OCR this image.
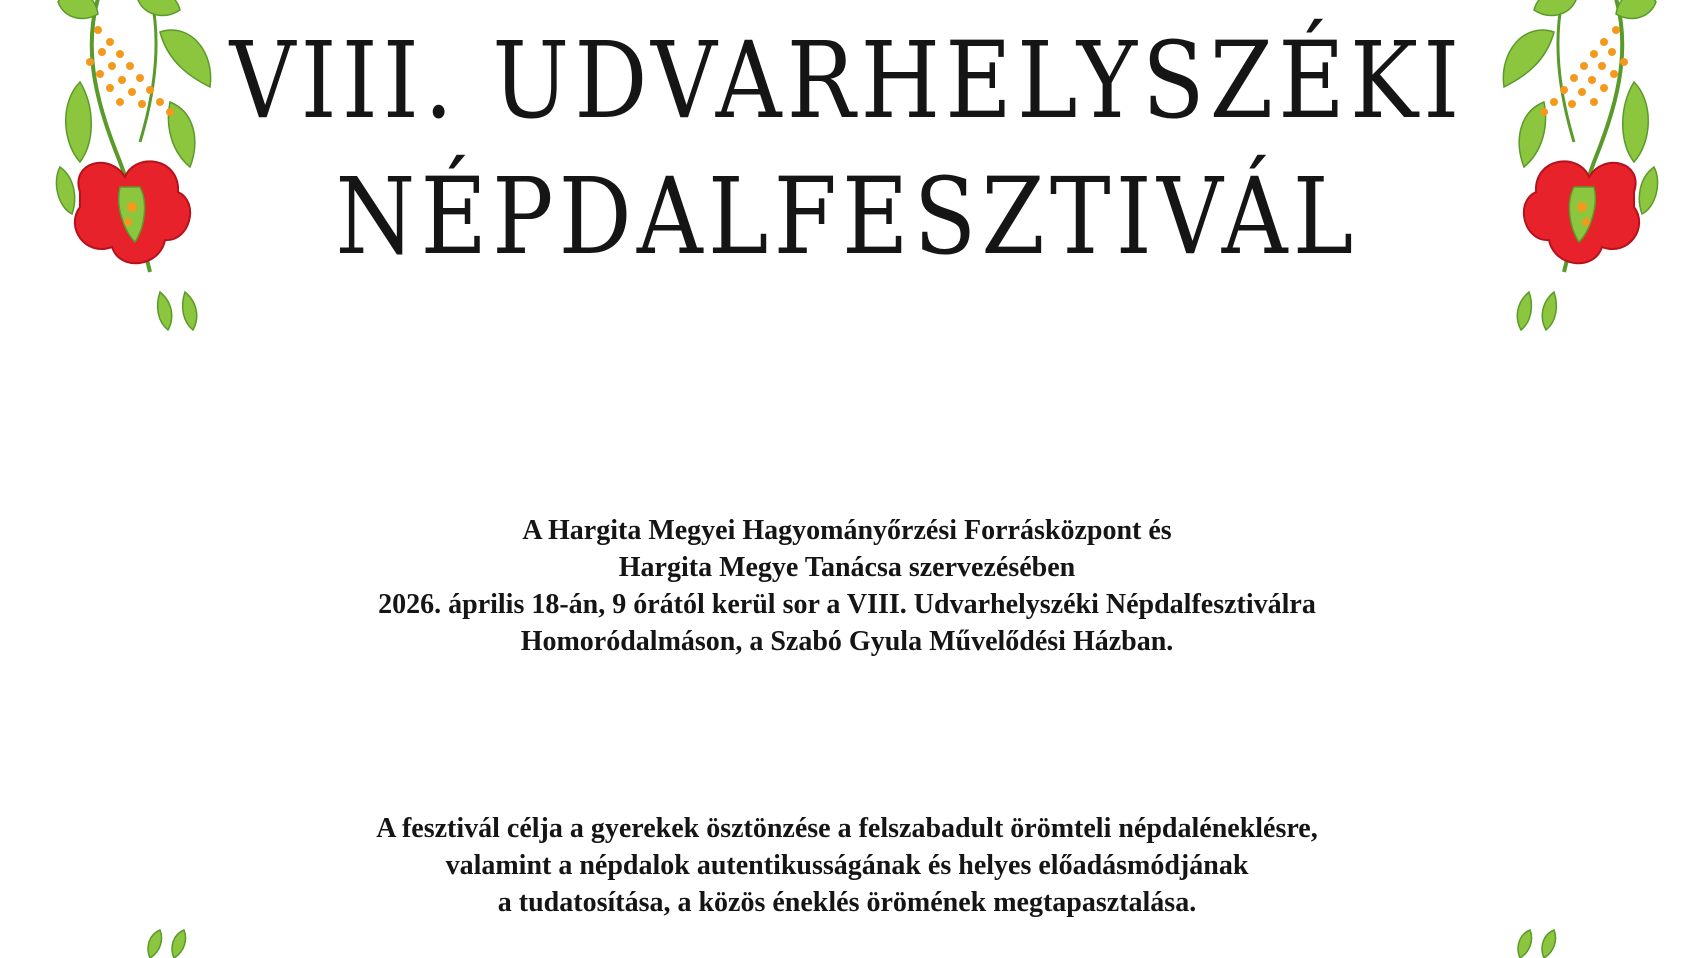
VIII. UDVARHELYSZÉKI
NÉPDALFESZTIVÁL
A Hargita Megyei Hagyományőrzési Forrásközpont és
Hargita Megye Tanácsa szervezésében
2026. április 18-án, 9 órától kerül sor a VIII. Udvarhelyszéki Népdalfesztiválra
Homoródalmáson, a Szabó Gyula Művelődési Házban.
A fesztivál célja a gyerekek ösztönzése a felszabadult örömteli népdaléneklésre,
valamint a népdalok autentikusságának és helyes előadásmódjának
a tudatosítása, a közös éneklés örömének megtapasztalása.
